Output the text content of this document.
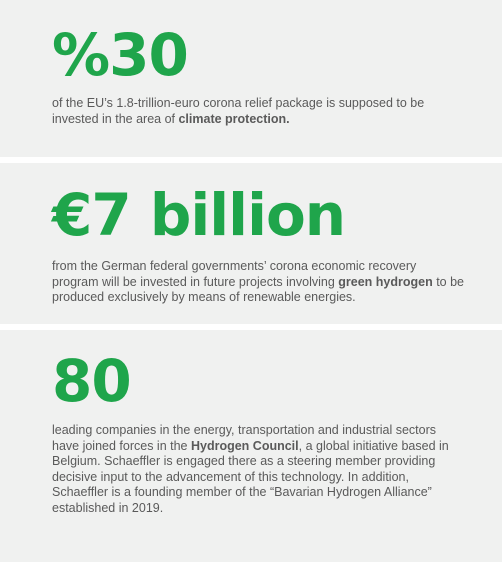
%30

of the EU’s 1.8-trillion-euro corona relief package is supposed to be invested in the area of climate protection.

€7 billion

from the German federal governments’ corona economic recovery program will be invested in future projects involving green hydrogen to be produced exclusively by means of renewable energies.

80

leading companies in the energy, transportation and industrial sectors have joined forces in the Hydrogen Council, a global initiative based in Belgium. Schaeffler is engaged there as a steering member providing decisive input to the advancement of this technology. In addition, Schaeffler is a founding member of the “Bavarian Hydrogen Alliance” established in 2019.
